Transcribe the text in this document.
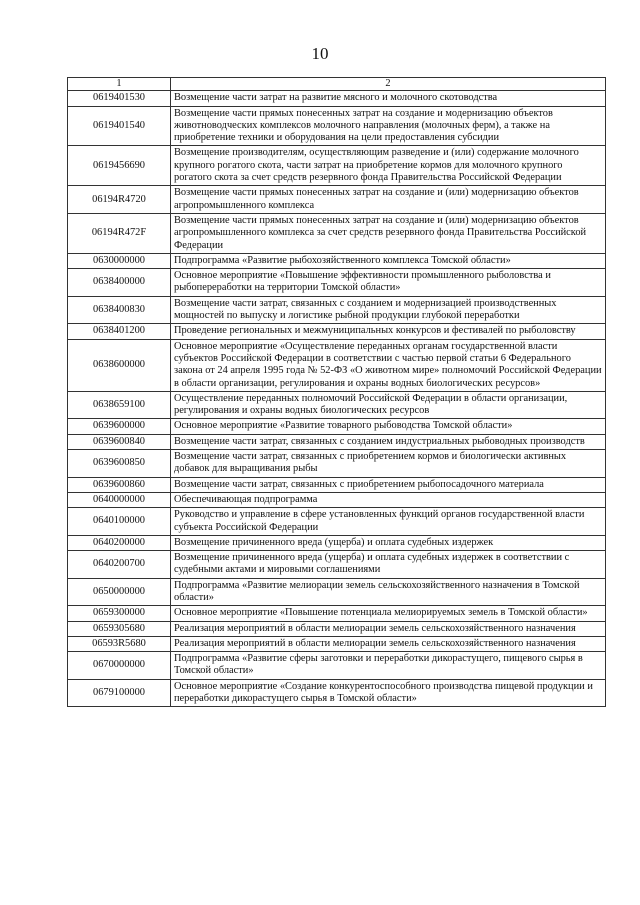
10
1	2
0619401530	Возмещение части затрат на развитие мясного и молочного скотоводства
0619401540	Возмещение части прямых понесенных затрат на создание и модернизацию объектов животноводческих комплексов молочного направления (молочных ферм), а также на приобретение техники и оборудования на цели предоставления субсидии
0619456690	Возмещение производителям, осуществляющим разведение и (или) содержание молочного крупного рогатого скота, части затрат на приобретение кормов для молочного крупного рогатого скота за счет средств резервного фонда Правительства Российской Федерации
06194R4720	Возмещение части прямых понесенных затрат на создание и (или) модернизацию объектов агропромышленного комплекса
06194R472F	Возмещение части прямых понесенных затрат на создание и (или) модернизацию объектов агропромышленного комплекса за счет средств резервного фонда Правительства Российской Федерации
0630000000	Подпрограмма «Развитие рыбохозяйственного комплекса Томской области»
0638400000	Основное мероприятие «Повышение эффективности промышленного рыболовства и рыбопереработки на территории Томской области»
0638400830	Возмещение части затрат, связанных с созданием и модернизацией производственных мощностей по выпуску и логистике рыбной продукции глубокой переработки
0638401200	Проведение региональных и межмуниципальных конкурсов и фестивалей по рыболовству
0638600000	Основное мероприятие «Осуществление переданных органам государственной власти субъектов Российской Федерации в соответствии с частью первой статьи 6 Федерального закона от 24 апреля 1995 года № 52-ФЗ «О животном мире» полномочий Российской Федерации в области организации, регулирования и охраны водных биологических ресурсов»
0638659100	Осуществление переданных полномочий Российской Федерации в области организации, регулирования и охраны водных биологических ресурсов
0639600000	Основное мероприятие «Развитие товарного рыбоводства Томской области»
0639600840	Возмещение части затрат, связанных с созданием индустриальных рыбоводных производств
0639600850	Возмещение части затрат, связанных с приобретением кормов и биологически активных добавок для выращивания рыбы
0639600860	Возмещение части затрат, связанных с приобретением рыбопосадочного материала
0640000000	Обеспечивающая подпрограмма
0640100000	Руководство и управление в сфере установленных функций органов государственной власти субъекта Российской Федерации
0640200000	Возмещение причиненного вреда (ущерба) и оплата судебных издержек
0640200700	Возмещение причиненного вреда (ущерба) и оплата судебных издержек в соответствии с судебными актами и мировыми соглашениями
0650000000	Подпрограмма «Развитие мелиорации земель сельскохозяйственного назначения в Томской области»
0659300000	Основное мероприятие «Повышение потенциала мелиорируемых земель в Томской области»
0659305680	Реализация мероприятий в области мелиорации земель сельскохозяйственного назначения
06593R5680	Реализация мероприятий в области мелиорации земель сельскохозяйственного назначения
0670000000	Подпрограмма «Развитие сферы заготовки и переработки дикорастущего, пищевого сырья в Томской области»
0679100000	Основное мероприятие «Создание конкурентоспособного производства пищевой продукции и переработки дикорастущего сырья в Томской области»
